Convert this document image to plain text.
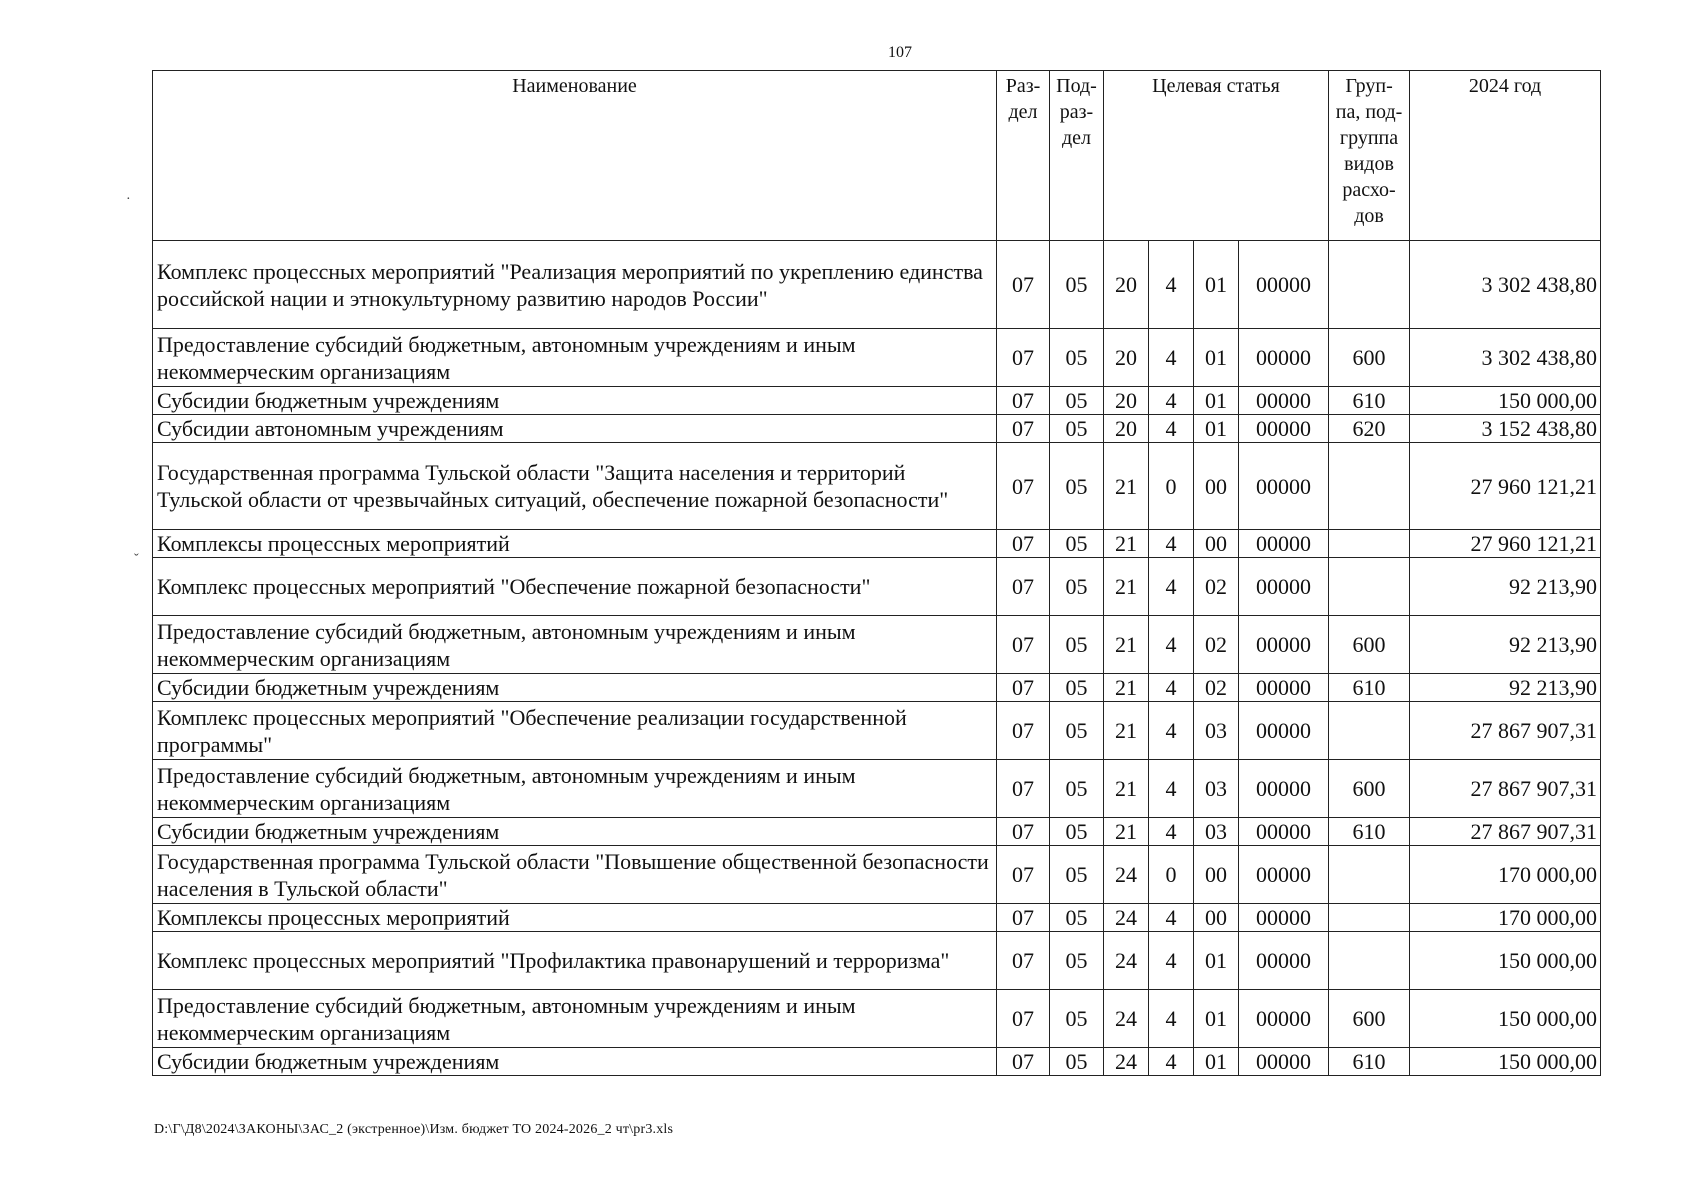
107
·
ˇ
Наименование	Раз- дел	Под- раз- дел	Целевая статья				Груп- па, под- группа видов расхо- дов	2024 год
Комплекс процессных мероприятий "Реализация мероприятий по укреплению единства российской нации и этнокультурному развитию народов России"	07	05	20	4	01	00000		3 302 438,80
Предоставление субсидий бюджетным, автономным учреждениям и иным некоммерческим организациям	07	05	20	4	01	00000	600	3 302 438,80
Субсидии бюджетным учреждениям	07	05	20	4	01	00000	610	150 000,00
Субсидии автономным учреждениям	07	05	20	4	01	00000	620	3 152 438,80
Государственная программа Тульской области "Защита населения и территорий Тульской области от чрезвычайных ситуаций, обеспечение пожарной безопасности"	07	05	21	0	00	00000		27 960 121,21
Комплексы процессных мероприятий	07	05	21	4	00	00000		27 960 121,21
Комплекс процессных мероприятий "Обеспечение пожарной безопасности"	07	05	21	4	02	00000		92 213,90
Предоставление субсидий бюджетным, автономным учреждениям и иным некоммерческим организациям	07	05	21	4	02	00000	600	92 213,90
Субсидии бюджетным учреждениям	07	05	21	4	02	00000	610	92 213,90
Комплекс процессных мероприятий "Обеспечение реализации государственной программы"	07	05	21	4	03	00000		27 867 907,31
Предоставление субсидий бюджетным, автономным учреждениям и иным некоммерческим организациям	07	05	21	4	03	00000	600	27 867 907,31
Субсидии бюджетным учреждениям	07	05	21	4	03	00000	610	27 867 907,31
Государственная программа Тульской области "Повышение общественной безопасности населения в Тульской области"	07	05	24	0	00	00000		170 000,00
Комплексы процессных мероприятий	07	05	24	4	00	00000		170 000,00
Комплекс процессных мероприятий "Профилактика правонарушений и терроризма"	07	05	24	4	01	00000		150 000,00
Предоставление субсидий бюджетным, автономным учреждениям и иным некоммерческим организациям	07	05	24	4	01	00000	600	150 000,00
Субсидии бюджетным учреждениям	07	05	24	4	01	00000	610	150 000,00
D:\Г\Д8\2024\ЗАКОНЫ\ЗАС_2 (экстренное)\Изм. бюджет ТО 2024-2026_2 чт\pr3.xls
